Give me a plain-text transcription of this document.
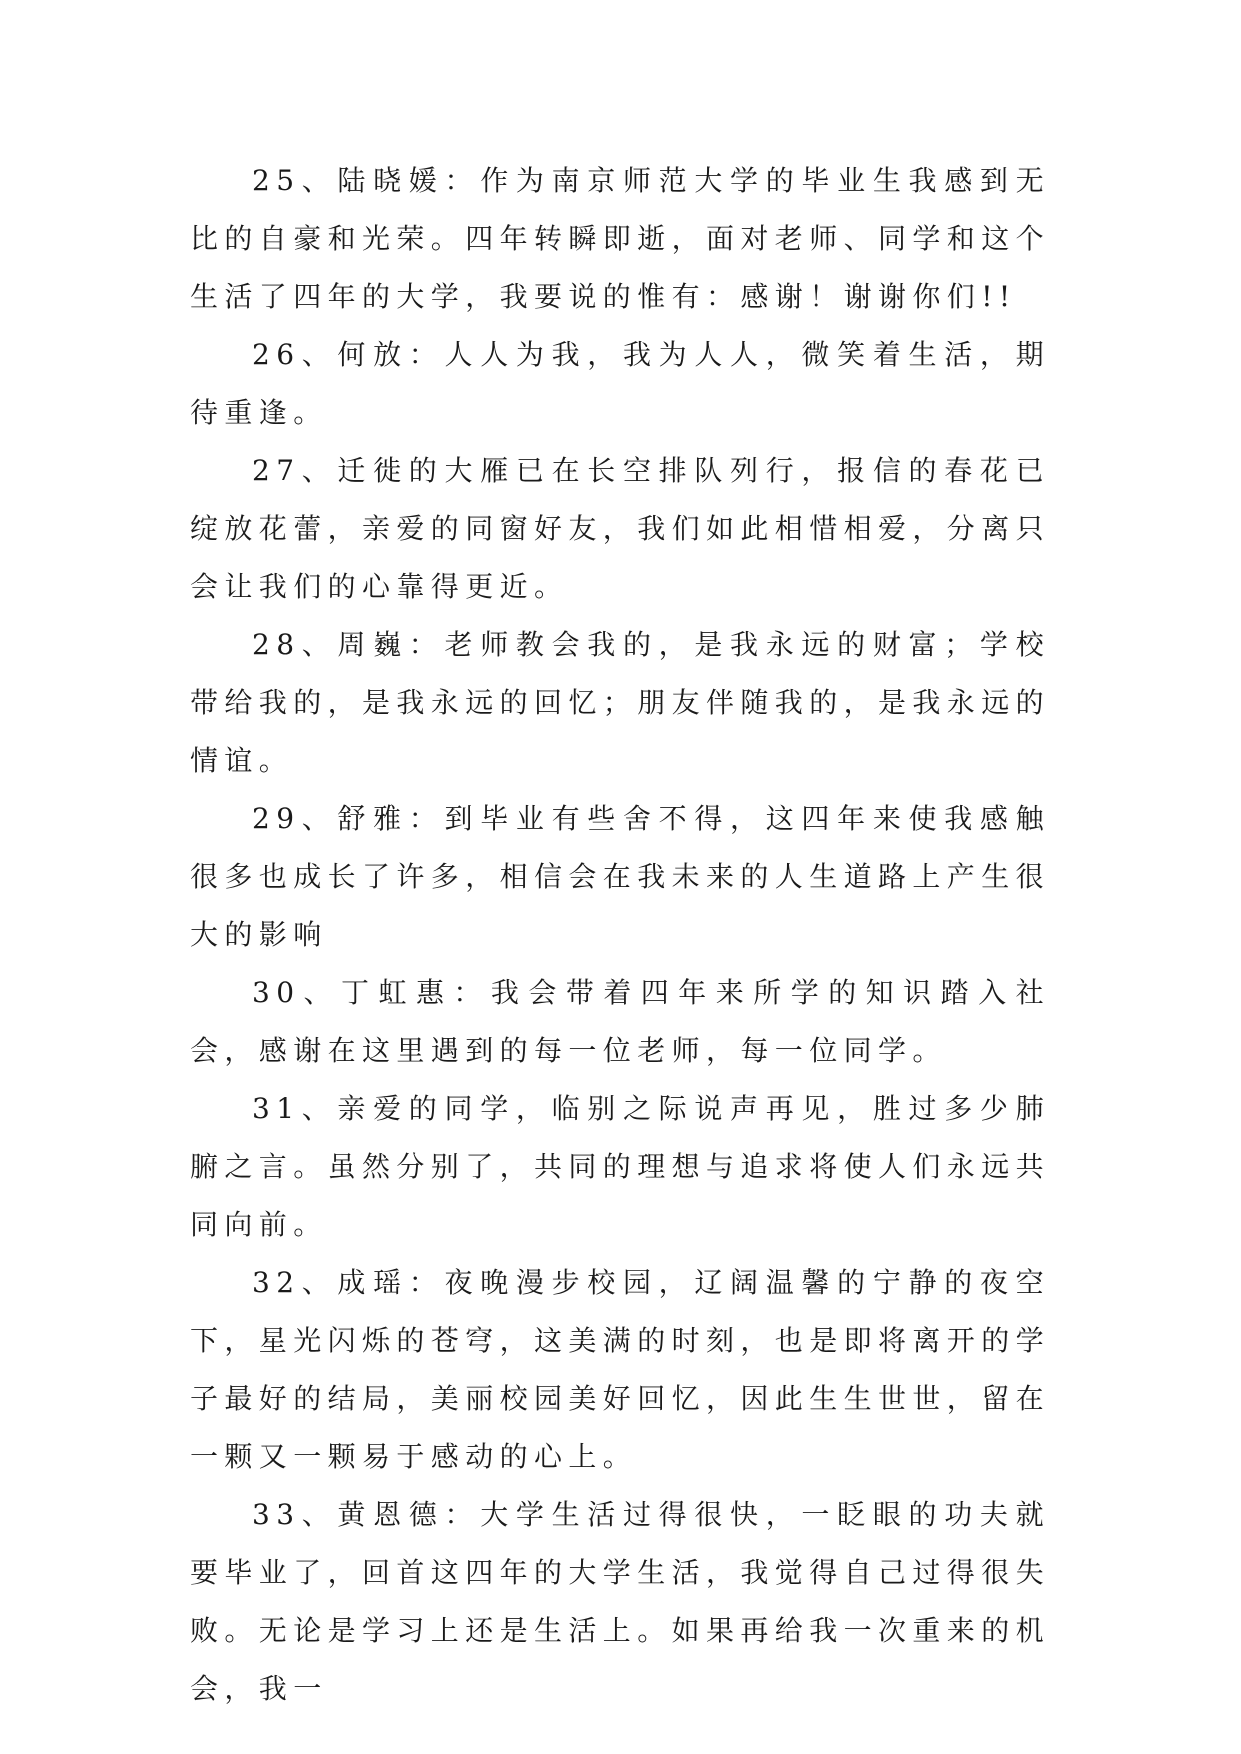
25、陆晓媛：作为南京师范大学的毕业生我感到无比的自豪和光荣。四年转瞬即逝，面对老师、同学和这个生活了四年的大学，我要说的惟有：感谢！谢谢你们!!

26、何放：人人为我，我为人人，微笑着生活，期待重逢。

27、迁徙的大雁已在长空排队列行，报信的春花已绽放花蕾，亲爱的同窗好友，我们如此相惜相爱，分离只会让我们的心靠得更近。

28、周巍：老师教会我的，是我永远的财富；学校带给我的，是我永远的回忆；朋友伴随我的，是我永远的情谊。

29、舒雅：到毕业有些舍不得，这四年来使我感触很多也成长了许多，相信会在我未来的人生道路上产生很大的影响

30、丁虹惠：我会带着四年来所学的知识踏入社会，感谢在这里遇到的每一位老师，每一位同学。

31、亲爱的同学，临别之际说声再见，胜过多少肺腑之言。虽然分别了，共同的理想与追求将使人们永远共同向前。

32、成瑶：夜晚漫步校园，辽阔温馨的宁静的夜空下，星光闪烁的苍穹，这美满的时刻，也是即将离开的学子最好的结局，美丽校园美好回忆，因此生生世世，留在一颗又一颗易于感动的心上。

33、黄恩德：大学生活过得很快，一眨眼的功夫就要毕业了，回首这四年的大学生活，我觉得自己过得很失败。无论是学习上还是生活上。如果再给我一次重来的机会，我一
